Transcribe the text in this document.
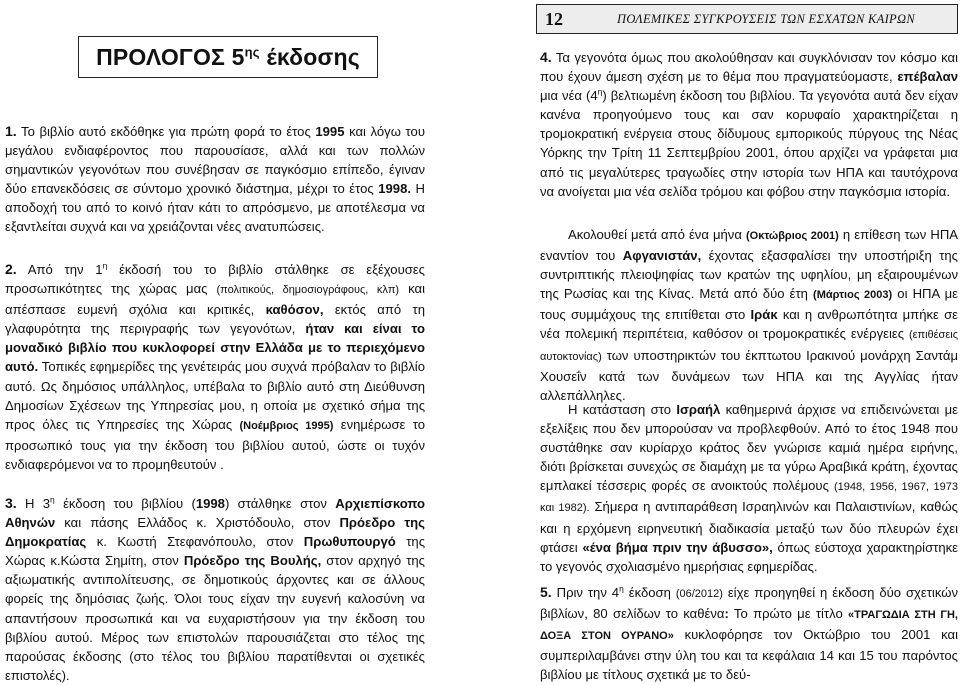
12	ΠΟΛΕΜΙΚΕΣ ΣΥΓΚΡΟΥΣΕΙΣ ΤΩΝ ΕΣΧΑΤΩΝ ΚΑΙΡΩΝ
ΠΡΟΛΟΓΟΣ $5^{\eta\varsigma}$ έκδοσης

1. Το βιβλίο αυτό εκδόθηκε για πρώτη φορά το έτος 1995 και λόγω του μεγάλου ενδιαφέροντος που παρουσίασε, αλλά και των πολλών σημαντικών γεγονότων που συνέβησαν σε παγκόσμιο επίπεδο, έγιναν δύο επανεκδόσεις σε σύντομο χρονικό διάστημα, μέχρι το έτος 1998. Η αποδοχή του από το κοινό ήταν κάτι το απρόσμενο, με αποτέλεσμα να εξαντλείται συχνά και να χρειάζονται νέες ανατυπώσεις.

2. Από την $1^\eta$ έκδοσή του το βιβλίο στάλθηκε σε εξέχουσες προσωπικότητες της χώρας μας (πολιτικούς, δημοσιογράφους, κλπ) και απέσπασε ευμενή σχόλια και κριτικές, καθόσον, εκτός από τη γλαφυρότητα της περιγραφής των γεγονότων, ήταν και είναι το μοναδικό βιβλίο που κυκλοφορεί στην Ελλάδα με το περιεχόμενο αυτό. Τοπικές εφημερίδες της γενέτειράς μου συχνά πρόβαλαν το βιβλίο αυτό. Ως δημόσιος υπάλληλος, υπέβαλα το βιβλίο αυτό στη Διεύθυνση Δημοσίων Σχέσεων της Υπηρεσίας μου, η οποία με σχετικό σήμα της προς όλες τις Υπηρεσίες της Χώρας (Νοέμβριος 1995) ενημέρωσε το προσωπικό τους για την έκδοση του βιβλίου αυτού, ώστε οι τυχόν ενδιαφερόμενοι να το προμηθευτούν .

3. Η $3^\eta$ έκδοση του βιβλίου (1998) στάλθηκε στον Αρχιεπίσκοπο Αθηνών και πάσης Ελλάδος κ. Χριστόδουλο, στον Πρόεδρο της Δημοκρατίας κ. Κωστή Στεφανόπουλο, στον Πρωθυπουργό της Χώρας κ.Κώστα Σημίτη, στον Πρόεδρο της Βουλής, στον αρχηγό της αξιωματικής αντιπολίτευσης, σε δημοτικούς άρχοντες και σε άλλους φορείς της δημόσιας ζωής. Όλοι τους είχαν την ευγενή καλοσύνη να απαντήσουν προσωπικά και να ευχαριστήσουν για την έκδοση του βιβλίου αυτού. Μέρος των επιστολών παρουσιάζεται στο τέλος της παρούσας έκδοσης (στο τέλος του βιβλίου παρατίθενται οι σχετικές επιστολές).

4. Τα γεγονότα όμως που ακολούθησαν και συγκλόνισαν τον κόσμο και που έχουν άμεση σχέση με το θέμα που πραγματεύομαστε, επέβαλαν μια νέα $(4^\eta)$ βελτιωμένη έκδοση του βιβλίου. Τα γεγονότα αυτά δεν είχαν κανένα προηγούμενο τους και σαν κορυφαίο χαρακτηρίζεται η τρομοκρατική ενέργεια στους δίδυμους εμπορικούς πύργους της Νέας Υόρκης την Τρίτη 11 Σεπτεμβρίου 2001, όπου αρχίζει να γράφεται μια από τις μεγαλύτερες τραγωδίες στην ιστορία των ΗΠΑ και ταυτόχρονα να ανοίγεται μια νέα σελίδα τρόμου και φόβου στην παγκόσμια ιστορία.

Ακολουθεί μετά από ένα μήνα (Οκτώβριος 2001) η επίθεση των ΗΠΑ εναντίον του Αφγανιστάν, έχοντας εξασφαλίσει την υποστήριξη της συντριπτικής πλειοψηφίας των κρατών της υφηλίου, μη εξαιρουμένων της Ρωσίας και της Κίνας. Μετά από δύο έτη (Μάρτιος 2003) οι ΗΠΑ με τους συμμάχους της επιτίθεται στο Ιράκ και η ανθρωπότητα μπήκε σε νέα πολεμική περιπέτεια, καθόσον οι τρομοκρατικές ενέργειες (επιθέσεις αυτοκτονίας) των υποστηρικτών του έκπτωτου Ιρακινού μονάρχη Σαντάμ Χουσεΐν κατά των δυνάμεων των ΗΠΑ και της Αγγλίας ήταν αλλεπάλληλες.

Η κατάσταση στο Ισραήλ καθημερινά άρχισε να επιδεινώνεται με εξελίξεις που δεν μπορούσαν να προβλεφθούν. Από το έτος 1948 που συστάθηκε σαν κυρίαρχο κράτος δεν γνώρισε καμιά ημέρα ειρήνης, διότι βρίσκεται συνεχώς σε διαμάχη με τα γύρω Αραβικά κράτη, έχοντας εμπλακεί τέσσερις φορές σε ανοικτούς πολέμους (1948, 1956, 1967, 1973 και 1982). Σήμερα η αντιπαράθεση Ισραηλινών και Παλαιστινίων, καθώς και η ερχόμενη ειρηνευτική διαδικασία μεταξύ των δύο πλευρών έχει φτάσει «ένα βήμα πριν την άβυσσο», όπως εύστοχα χαρακτηρίστηκε το γεγονός σχολιασμένο ημερήσιας εφημερίδας.

5. Πριν την $4^\eta$ έκδοση (06/2012) είχε προηγηθεί η έκδοση δύο σχετικών βιβλίων, 80 σελίδων το καθένα: Το πρώτο με τίτλο «ΤΡΑΓΩΔΙΑ ΣΤΗ ΓΗ, ΔΟΞΑ ΣΤΟΝ ΟΥΡΑΝΟ» κυκλοφόρησε τον Οκτώβριο του 2001 και συμπεριλαμβάνει στην ύλη του και τα κεφάλαια 14 και 15 του παρόντος βιβλίου με τίτλους σχετικά με το δεύ-
